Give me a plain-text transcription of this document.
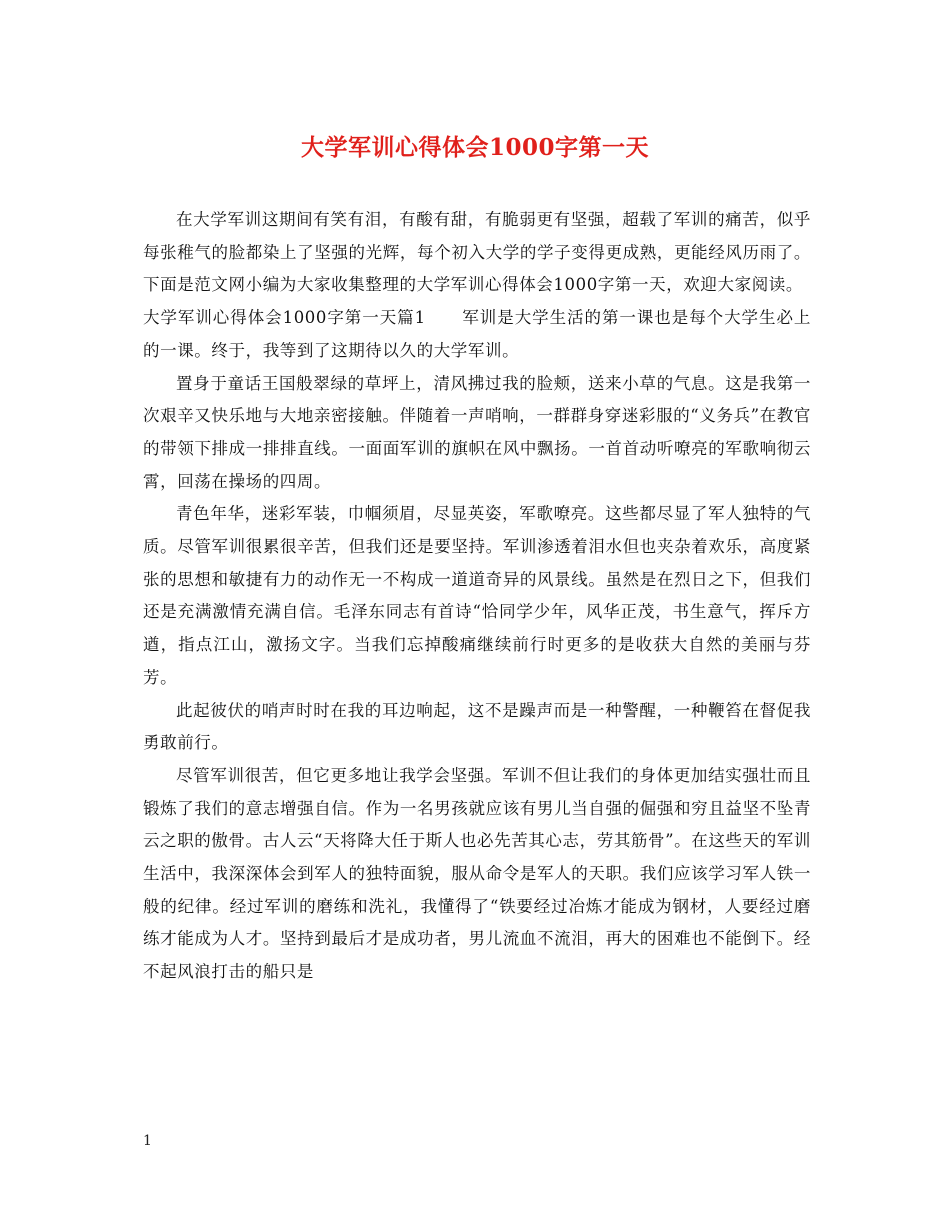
大学军训心得体会1000字第一天

在大学军训这期间有笑有泪，有酸有甜，有脆弱更有坚强，超载了军训的痛苦，似乎每张稚气的脸都染上了坚强的光辉，每个初入大学的学子变得更成熟，更能经风历雨了。下面是范文网小编为大家收集整理的大学军训心得体会1000字第一天，欢迎大家阅读。

大学军训心得体会1000字第一天篇1 军训是大学生活的第一课也是每个大学生必上的一课。终于，我等到了这期待以久的大学军训。

置身于童话王国般翠绿的草坪上，清风拂过我的脸颊，送来小草的气息。这是我第一次艰辛又快乐地与大地亲密接触。伴随着一声哨响，一群群身穿迷彩服的“义务兵”在教官的带领下排成一排排直线。一面面军训的旗帜在风中飘扬。一首首动听嘹亮的军歌响彻云霄，回荡在操场的四周。

青色年华，迷彩军装，巾帼须眉，尽显英姿，军歌嘹亮。这些都尽显了军人独特的气质。尽管军训很累很辛苦，但我们还是要坚持。军训渗透着泪水但也夹杂着欢乐，高度紧张的思想和敏捷有力的动作无一不构成一道道奇异的风景线。虽然是在烈日之下，但我们还是充满激情充满自信。毛泽东同志有首诗“恰同学少年，风华正茂，书生意气，挥斥方遒，指点江山，激扬文字。当我们忘掉酸痛继续前行时更多的是收获大自然的美丽与芬芳。

此起彼伏的哨声时时在我的耳边响起，这不是躁声而是一种警醒，一种鞭笞在督促我勇敢前行。

尽管军训很苦，但它更多地让我学会坚强。军训不但让我们的身体更加结实强壮而且锻炼了我们的意志增强自信。作为一名男孩就应该有男儿当自强的倔强和穷且益坚不坠青云之职的傲骨。古人云“天将降大任于斯人也必先苦其心志，劳其筋骨”。在这些天的军训生活中，我深深体会到军人的独特面貌，服从命令是军人的天职。我们应该学习军人铁一般的纪律。经过军训的磨练和洗礼，我懂得了“铁要经过冶炼才能成为钢材，人要经过磨练才能成为人才。坚持到最后才是成功者，男儿流血不流泪，再大的困难也不能倒下。经不起风浪打击的船只是

1
